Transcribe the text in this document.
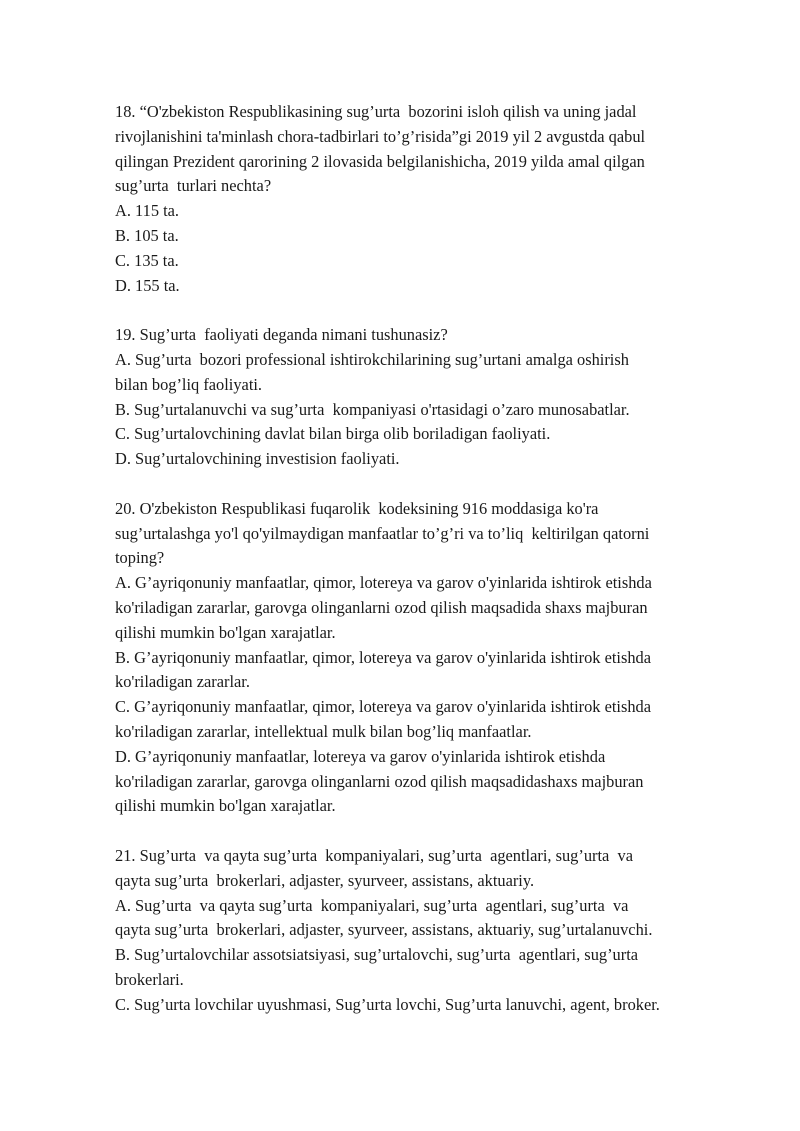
18. “O'zbekiston Respublikasining sug’urta  bozorini isloh qilish va uning jadal
rivojlanishini ta'minlash chora-tadbirlari to’g’risida”gi 2019 yil 2 avgustda qabul
qilingan Prezident qarorining 2 ilovasida belgilanishicha, 2019 yilda amal qilgan
sug’urta  turlari nechta?
A. 115 ta.
B. 105 ta.
C. 135 ta.
D. 155 ta.
19. Sug’urta  faoliyati deganda nimani tushunasiz?
A. Sug’urta  bozori professional ishtirokchilarining sug’urtani amalga oshirish
bilan bog’liq faoliyati.
B. Sug’urtalanuvchi va sug’urta  kompaniyasi o'rtasidagi o’zaro munosabatlar.
C. Sug’urtalovchining davlat bilan birga olib boriladigan faoliyati.
D. Sug’urtalovchining investision faoliyati.
20. O'zbekiston Respublikasi fuqarolik  kodeksining 916 moddasiga ko'ra
sug’urtalashga yo'l qo'yilmaydigan manfaatlar to’g’ri va to’liq  keltirilgan qatorni
toping?
A. G’ayriqonuniy manfaatlar, qimor, lotereya va garov o'yinlarida ishtirok etishda
ko'riladigan zararlar, garovga olinganlarni ozod qilish maqsadida shaxs majburan
qilishi mumkin bo'lgan xarajatlar.
B. G’ayriqonuniy manfaatlar, qimor, lotereya va garov o'yinlarida ishtirok etishda
ko'riladigan zararlar.
C. G’ayriqonuniy manfaatlar, qimor, lotereya va garov o'yinlarida ishtirok etishda
ko'riladigan zararlar, intellektual mulk bilan bog’liq manfaatlar.
D. G’ayriqonuniy manfaatlar, lotereya va garov o'yinlarida ishtirok etishda
ko'riladigan zararlar, garovga olinganlarni ozod qilish maqsadidashaxs majburan
qilishi mumkin bo'lgan xarajatlar.
21. Sug’urta  va qayta sug’urta  kompaniyalari, sug’urta  agentlari, sug’urta  va
qayta sug’urta  brokerlari, adjaster, syurveer, assistans, aktuariy.
A. Sug’urta  va qayta sug’urta  kompaniyalari, sug’urta  agentlari, sug’urta  va
qayta sug’urta  brokerlari, adjaster, syurveer, assistans, aktuariy, sug’urtalanuvchi.
B. Sug’urtalovchilar assotsiatsiyasi, sug’urtalovchi, sug’urta  agentlari, sug’urta
brokerlari.
C. Sug’urta lovchilar uyushmasi, Sug’urta lovchi, Sug’urta lanuvchi, agent, broker.
